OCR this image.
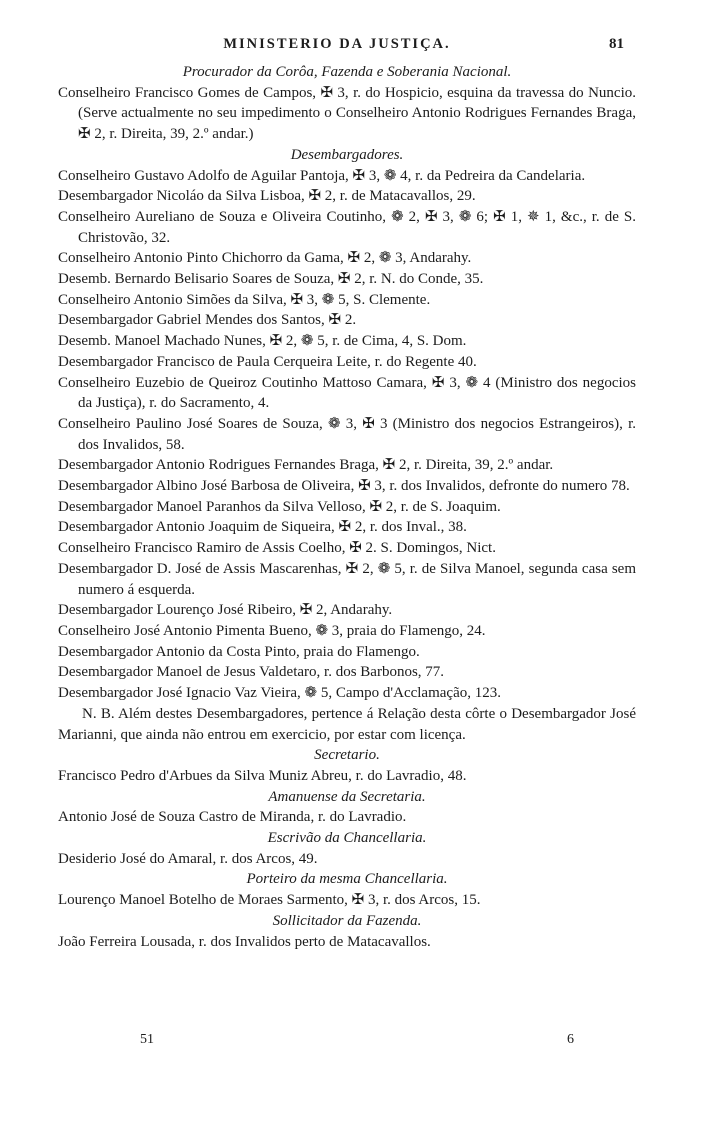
MINISTERIO DA JUSTIÇA.	81
Procurador da Corôa, Fazenda e Soberania Nacional.
Conselheiro Francisco Gomes de Campos, ✠ 3, r. do Hospicio, esquina da travessa do Nuncio. (Serve actualmente no seu impedimento o Conselheiro Antonio Rodrigues Fernandes Braga, ✠ 2, r. Direita, 39, 2.º andar.)
Desembargadores.
Conselheiro Gustavo Adolfo de Aguilar Pantoja, ✠ 3, ❁ 4, r. da Pedreira da Candelaria.
Desembargador Nicoláo da Silva Lisboa, ✠ 2, r. de Matacavallos, 29.
Conselheiro Aureliano de Souza e Oliveira Coutinho, ❁ 2, ✠ 3, ❁ 6; ✠ 1, ✵ 1, &c., r. de S. Christovão, 32.
Conselheiro Antonio Pinto Chichorro da Gama, ✠ 2, ❁ 3, Andarahy.
Desemb. Bernardo Belisario Soares de Souza, ✠ 2, r. N. do Conde, 35.
Conselheiro Antonio Simões da Silva, ✠ 3, ❁ 5, S. Clemente.
Desembargador Gabriel Mendes dos Santos, ✠ 2.
Desemb. Manoel Machado Nunes, ✠ 2, ❁ 5, r. de Cima, 4, S. Dom.
Desembargador Francisco de Paula Cerqueira Leite, r. do Regente 40.
Conselheiro Euzebio de Queiroz Coutinho Mattoso Camara, ✠ 3, ❁ 4 (Ministro dos negocios da Justiça), r. do Sacramento, 4.
Conselheiro Paulino José Soares de Souza, ❁ 3, ✠ 3 (Ministro dos negocios Estrangeiros), r. dos Invalidos, 58.
Desembargador Antonio Rodrigues Fernandes Braga, ✠ 2, r. Direita, 39, 2.º andar.
Desembargador Albino José Barbosa de Oliveira, ✠ 3, r. dos Invalidos, defronte do numero 78.
Desembargador Manoel Paranhos da Silva Velloso, ✠ 2, r. de S. Joaquim.
Desembargador Antonio Joaquim de Siqueira, ✠ 2, r. dos Inval., 38.
Conselheiro Francisco Ramiro de Assis Coelho, ✠ 2. S. Domingos, Nict.
Desembargador D. José de Assis Mascarenhas, ✠ 2, ❁ 5, r. de Silva Manoel, segunda casa sem numero á esquerda.
Desembargador Lourenço José Ribeiro, ✠ 2, Andarahy.
Conselheiro José Antonio Pimenta Bueno, ❁ 3, praia do Flamengo, 24.
Desembargador Antonio da Costa Pinto, praia do Flamengo.
Desembargador Manoel de Jesus Valdetaro, r. dos Barbonos, 77.
Desembargador José Ignacio Vaz Vieira, ❁ 5, Campo d'Acclamação, 123.
N. B. Além destes Desembargadores, pertence á Relação desta côrte o Desembargador José Marianni, que ainda não entrou em exercicio, por estar com licença.
Secretario.
Francisco Pedro d'Arbues da Silva Muniz Abreu, r. do Lavradio, 48.
Amanuense da Secretaria.
Antonio José de Souza Castro de Miranda, r. do Lavradio.
Escrivão da Chancellaria.
Desiderio José do Amaral, r. dos Arcos, 49.
Porteiro da mesma Chancellaria.
Lourenço Manoel Botelho de Moraes Sarmento, ✠ 3, r. dos Arcos, 15.
Sollicitador da Fazenda.
João Ferreira Lousada, r. dos Invalidos perto de Matacavallos.
51	6
